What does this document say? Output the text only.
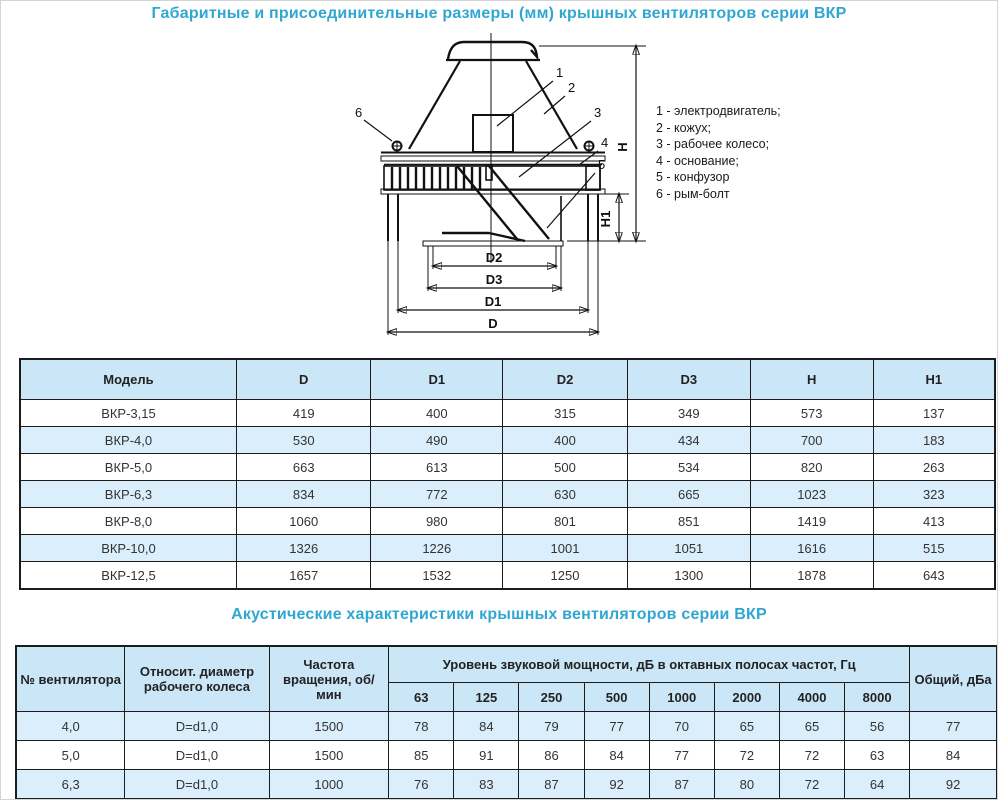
Габаритные и присоединительные размеры (мм) крышных вентиляторов серии ВКР
D2
D3
D1
D
H
H1
1
2
3
4
5
6	1 - электродвигатель;
2 - кожух;
3 - рабочее колесо;
4 - основание;
5 - конфузор
6 - рым-болт
Модель	D	D1	D2	D3	H	H1
ВКР-3,15	419	400	315	349	573	137
ВКР-4,0	530	490	400	434	700	183
ВКР-5,0	663	613	500	534	820	263
ВКР-6,3	834	772	630	665	1023	323
ВКР-8,0	1060	980	801	851	1419	413
ВКР-10,0	1326	1226	1001	1051	1616	515
ВКР-12,5	1657	1532	1250	1300	1878	643
Акустические характеристики крышных вентиляторов серии ВКР
№ вентилятора	Относит. диаметр рабочего колеса	Частота вращения, об/мин	Уровень звуковой мощности, дБ в октавных полосах частот, Гц								Общий, дБа
			63	125	250	500	1000	2000	4000	8000	
4,0	D=d1,0	1500	78	84	79	77	70	65	65	56	77
5,0	D=d1,0	1500	85	91	86	84	77	72	72	63	84
6,3	D=d1,0	1000	76	83	87	92	87	80	72	64	92
